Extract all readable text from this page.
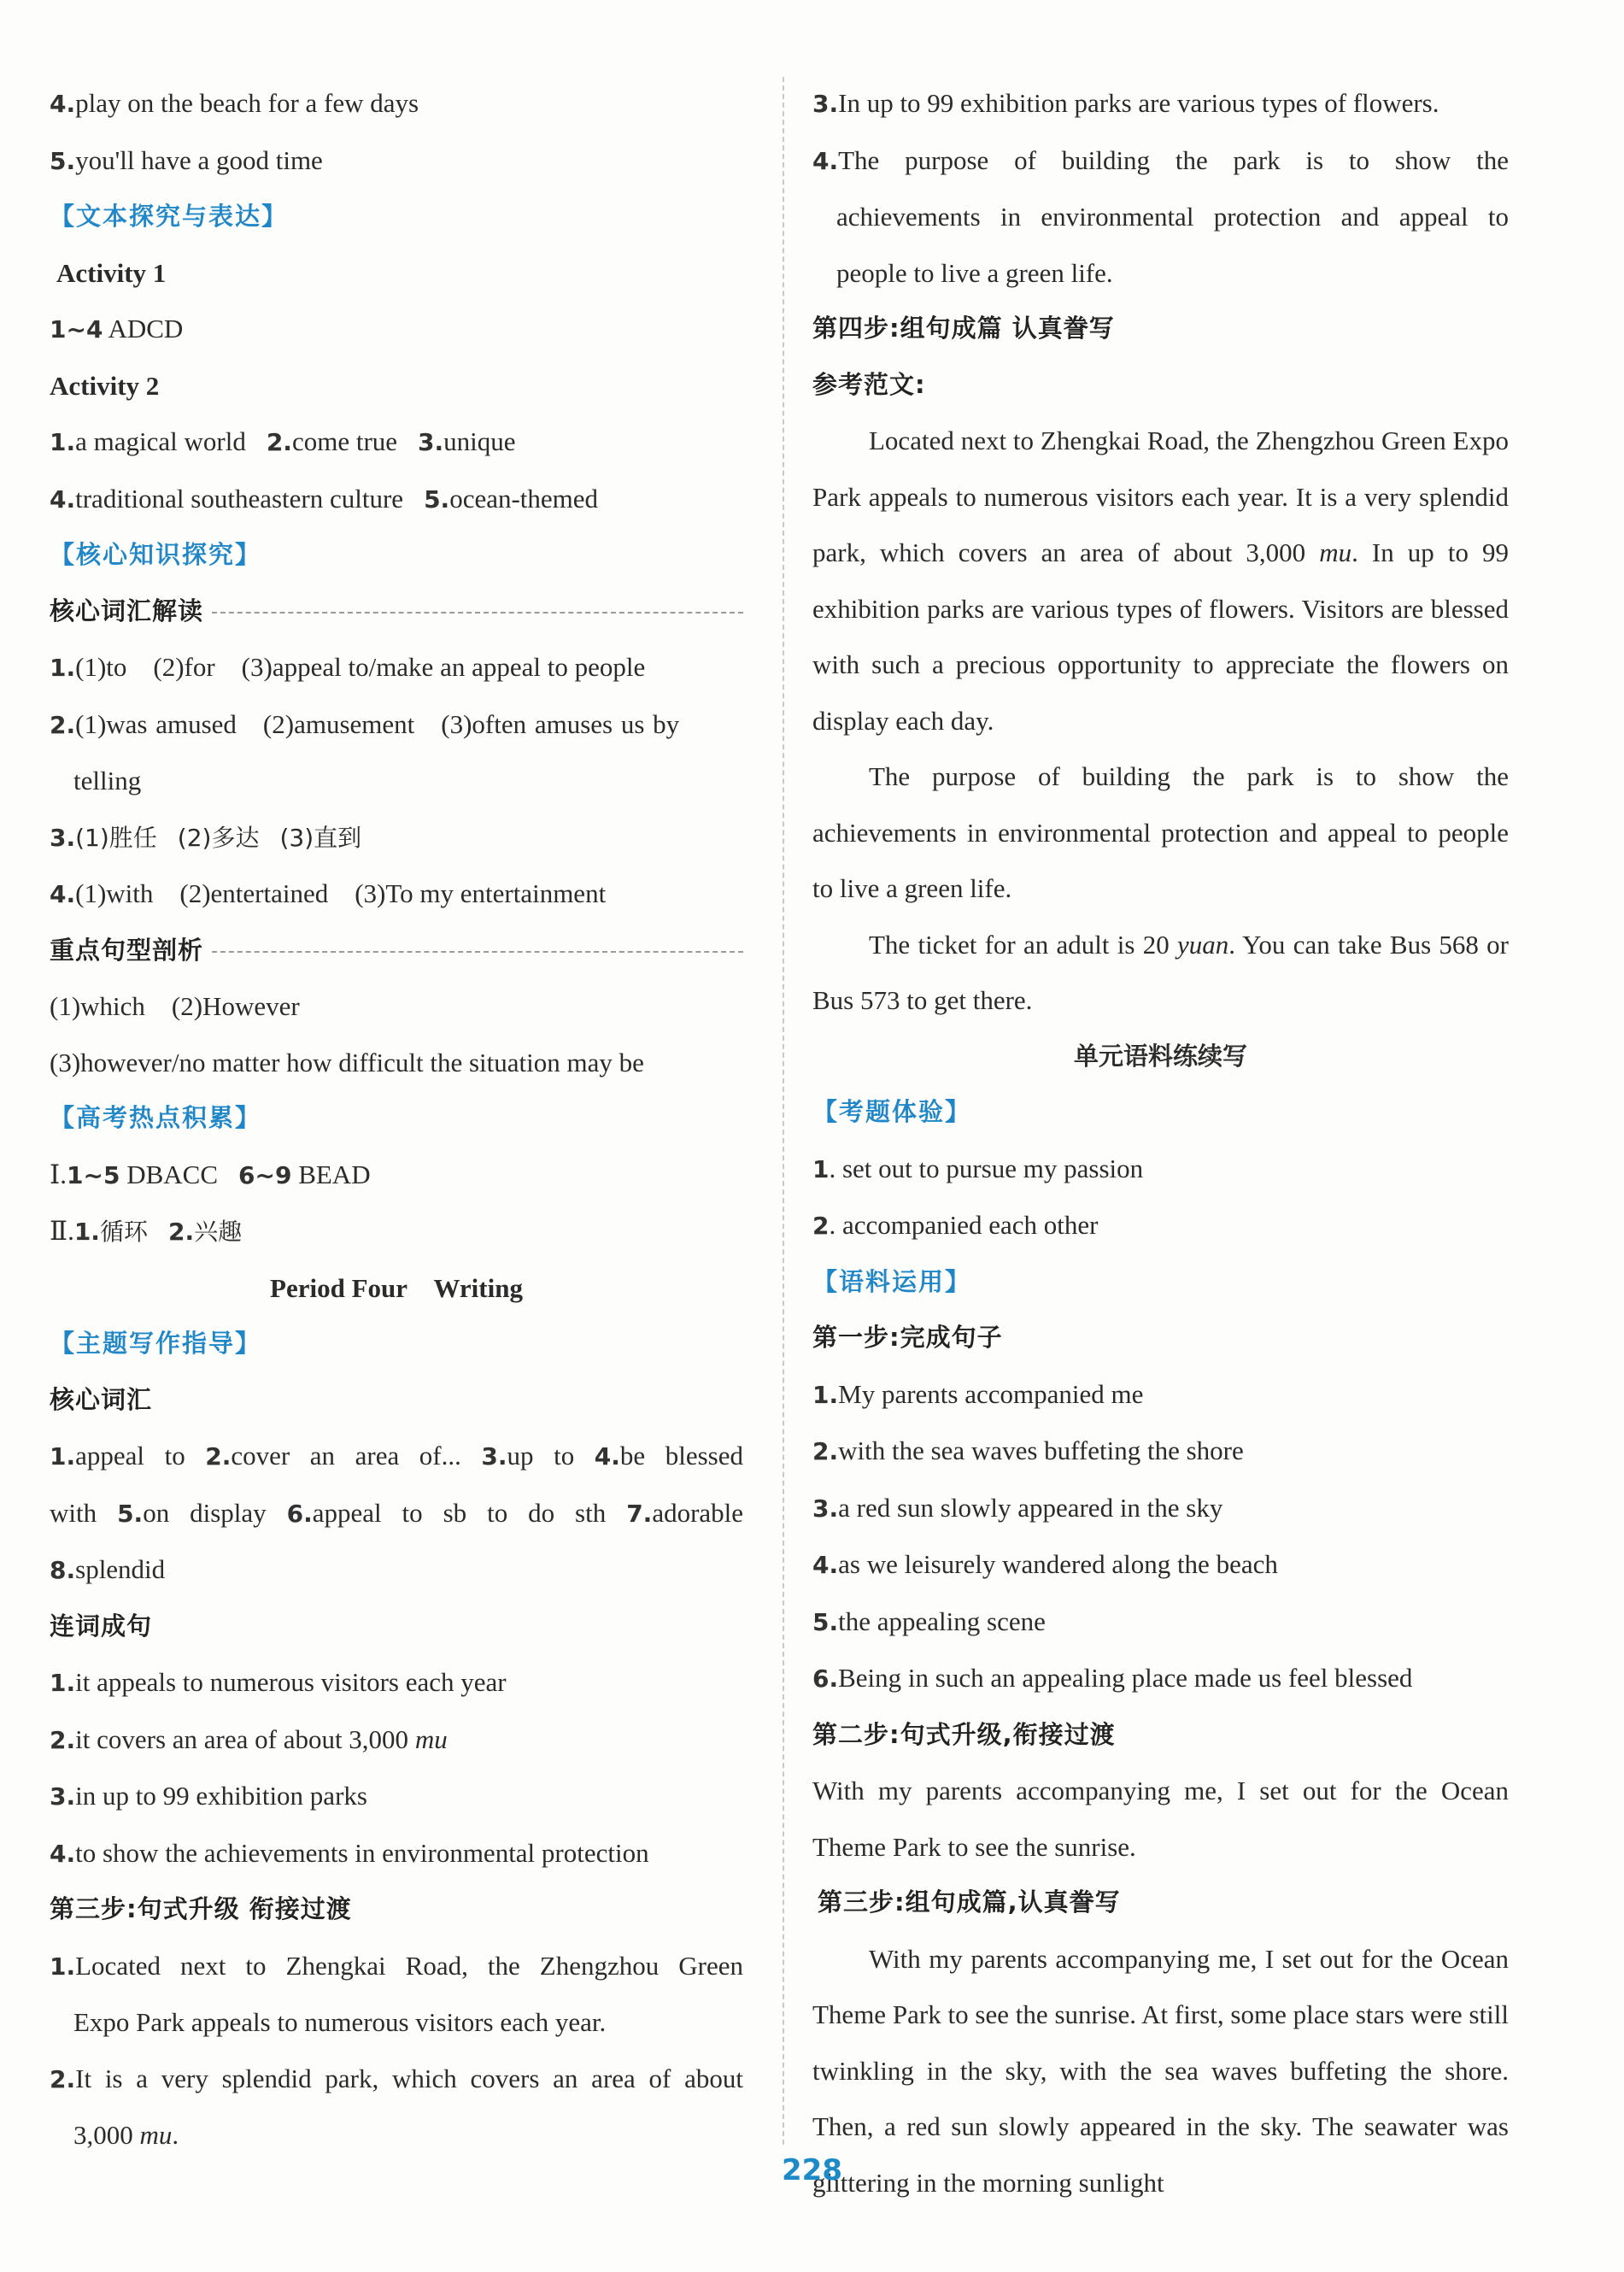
4.play on the beach for a few days
5.you'll have a good time
【文本探究与表达】
Activity 1
1~4 ADCD
Activity 2
1.a magical world 2.come true 3.unique
4.traditional southeastern culture 5.ocean-themed
【核心知识探究】
核心词汇解读
1.(1)to　(2)for　(3)appeal to/make an appeal to people
2.(1)was amused　(2)amusement　(3)often amuses us by
telling
3.(1)胜任 (2)多达 (3)直到
4.(1)with　(2)entertained　(3)To my entertainment
重点句型剖析
(1)which　(2)However
(3)however/no matter how difficult the situation may be
【高考热点积累】
Ⅰ.1~5 DBACC 6~9 BEAD
Ⅱ.1.循环 2.兴趣
Period Four　Writing
【主题写作指导】
核心词汇
1.appeal to 2.cover an area of... 3.up to 4.be blessed
with 5.on display 6.appeal to sb to do sth 7.adorable
8.splendid
连词成句
1.it appeals to numerous visitors each year
2.it covers an area of about 3,000 mu
3.in up to 99 exhibition parks
4.to show the achievements in environmental protection
第三步:句式升级 衔接过渡
1.Located next to Zhengkai Road, the Zhengzhou Green
Expo Park appeals to numerous visitors each year.
2.It is a very splendid park, which covers an area of about
3,000 mu.
3.In up to 99 exhibition parks are various types of flowers.
4.The purpose of building the park is to show the
achievements in environmental protection and appeal to
people to live a green life.
第四步:组句成篇 认真誊写
参考范文:
Located next to Zhengkai Road, the Zhengzhou Green Expo Park appeals to numerous visitors each year. It is a very splendid park, which covers an area of about 3,000 mu. In up to 99 exhibition parks are various types of flowers. Visitors are blessed with such a precious opportunity to appreciate the flowers on display each day.
The purpose of building the park is to show the achievements in environmental protection and appeal to people to live a green life.
The ticket for an adult is 20 yuan. You can take Bus 568 or Bus 573 to get there.
单元语料练续写
【考题体验】
1. set out to pursue my passion
2. accompanied each other
【语料运用】
第一步:完成句子
1.My parents accompanied me
2.with the sea waves buffeting the shore
3.a red sun slowly appeared in the sky
4.as we leisurely wandered along the beach
5.the appealing scene
6.Being in such an appealing place made us feel blessed
第二步:句式升级,衔接过渡
With my parents accompanying me, I set out for the Ocean
Theme Park to see the sunrise.
第三步:组句成篇,认真誊写
With my parents accompanying me, I set out for the Ocean Theme Park to see the sunrise. At first, some place stars were still twinkling in the sky, with the sea waves buffeting the shore. Then, a red sun slowly appeared in the sky. The seawater was glittering in the morning sunlight
228
